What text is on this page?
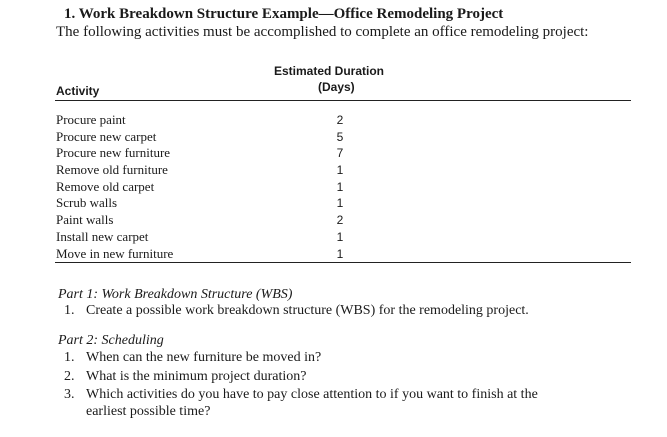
1. Work Breakdown Structure Example—Office Remodeling Project
The following activities must be accomplished to complete an office remodeling project:
Estimated Duration
(Days)
Activity
Procure paint	2
Procure new carpet	5
Procure new furniture	7
Remove old furniture	1
Remove old carpet	1
Scrub walls	1
Paint walls	2
Install new carpet	1
Move in new furniture	1
Part 1: Work Breakdown Structure (WBS)
1. Create a possible work breakdown structure (WBS) for the remodeling project.
Part 2: Scheduling
1. When can the new furniture be moved in?
2. What is the minimum project duration?
3. Which activities do you have to pay close attention to if you want to finish at the
earliest possible time?
